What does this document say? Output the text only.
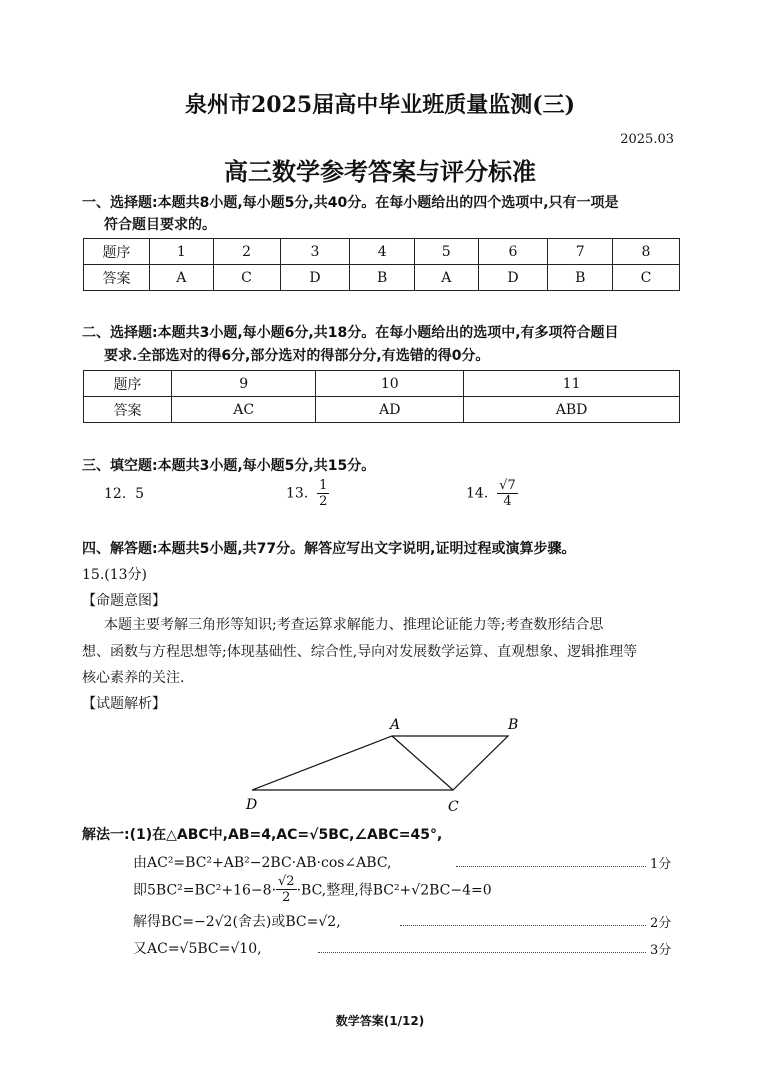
泉州市2025届高中毕业班质量监测(三)
2025.03
高三数学参考答案与评分标准
一、选择题:本题共8小题,每小题5分,共40分。在每小题给出的四个选项中,只有一项是
符合题目要求的。
题序	1	2	3	4	5	6	7	8
答案	A	C	D	B	A	D	B	C
二、选择题:本题共3小题,每小题6分,共18分。在每小题给出的选项中,有多项符合题目
要求.全部选对的得6分,部分选对的得部分分,有选错的得0分。
题序	9	10	11
答案	AC	AD	ABD
三、填空题:本题共3小题,每小题5分,共15分。
12. 5	13. $\frac{1}{2}$	14. $\frac{√7}{4}$
四、解答题:本题共5小题,共77分。解答应写出文字说明,证明过程或演算步骤。
15.(13分)
【命题意图】
本题主要考解三角形等知识;考查运算求解能力、推理论证能力等;考查数形结合思
想、函数与方程思想等;体现基础性、综合性,导向对发展数学运算、直观想象、逻辑推理等
核心素养的关注.
【试题解析】
A	B
C
D
解法一:(1)在△ABC中,AB=4,AC=√5BC,∠ABC=45°,
由AC²=BC²+AB²−2BC·AB·cos∠ABC,	1分
即$5BC^2=BC^2+16-8\cdot \frac{√2}{2} \cdot BC$,整理,得BC²+√2BC−4=0
解得BC=−2√2(舍去)或BC=√2,	2分
又AC=√5BC=√10,	3分
数学答案(1/12)
